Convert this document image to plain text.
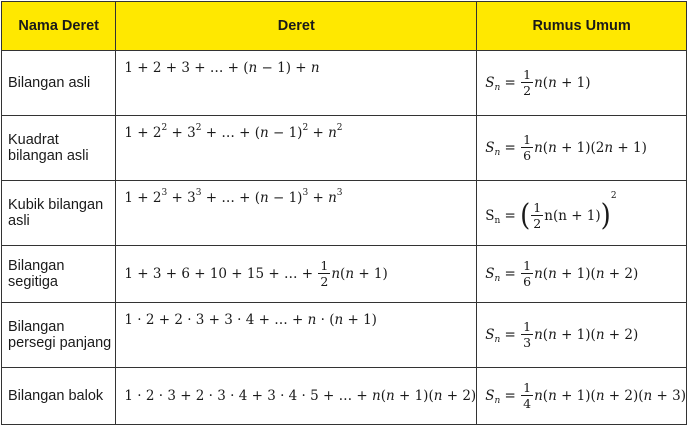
Nama Deret	Deret	Rumus Umum
Bilangan asli	1 + 2 + 3 + … + (n − 1) + n	$S_n = \frac{1}{2} n(n + 1)$
Kuadrat bilangan asli	$1 + 2^2 + 3^2$ + … + $(n - 1)^2 + n^2$	$S_n = \frac{1}{6} n(n + 1)(2n + 1)$
Kubik bilangan asli	$1 + 2^3 + 3^3$ + … + $(n - 1)^3 + n^3$	$S_n$ = ( $\frac{1}{2} n(n + 1))^2$
Bilangan segitiga	1 + 3 + 6 + 10 + 15 + … + $\frac{1}{2} n(n + 1)$	$S_n = \frac{1}{6} n(n + 1)(n + 2)$
Bilangan persegi panjang	1 · 2 + 2 · 3 + 3 · 4 + … + n · (n + 1)	$S_n = \frac{1}{3} n(n + 1)(n + 2)$
Bilangan balok	1 · 2 · 3 + 2 · 3 · 4 + 3 · 4 · 5 + … + n(n + 1)(n + 2)	$S_n = \frac{1}{4} n(n + 1)(n + 2)(n + 3)$
